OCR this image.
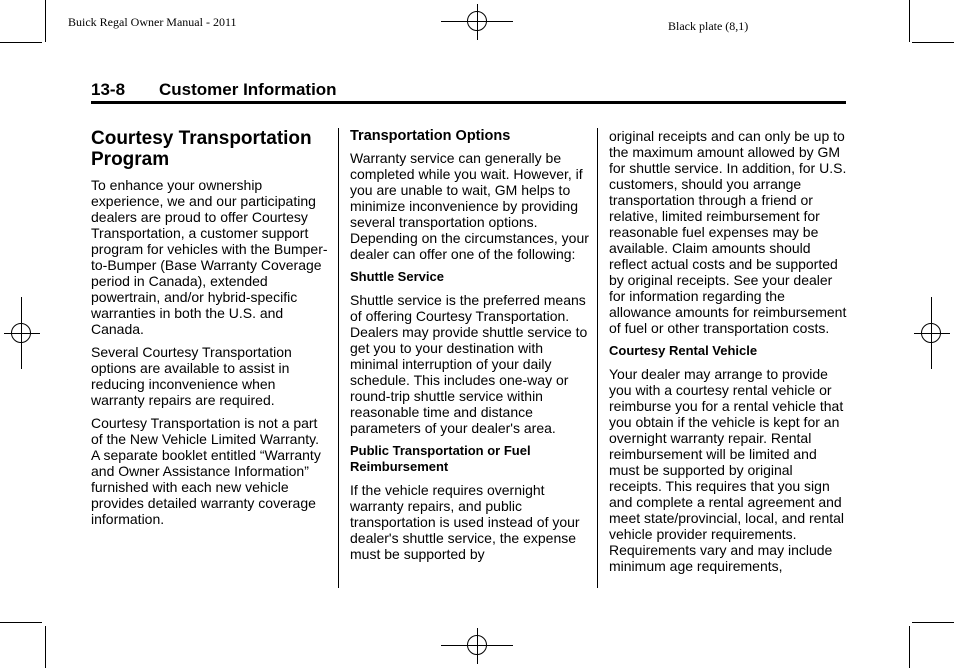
Buick Regal Owner Manual - 2011	Black plate (8,1)
13-8 Customer Information
Courtesy Transportation Program

To enhance your ownership experience, we and our participating dealers are proud to offer Courtesy Transportation, a customer support program for vehicles with the Bumper-to-Bumper (Base Warranty Coverage period in Canada), extended powertrain, and/or hybrid-specific warranties in both the U.S. and Canada.

Several Courtesy Transportation options are available to assist in reducing inconvenience when warranty repairs are required.

Courtesy Transportation is not a part of the New Vehicle Limited Warranty. A separate booklet entitled “Warranty and Owner Assistance Information” furnished with each new vehicle provides detailed warranty coverage information.

Transportation Options

Warranty service can generally be completed while you wait. However, if you are unable to wait, GM helps to minimize inconvenience by providing several transportation options. Depending on the circumstances, your dealer can offer one of the following:

Shuttle Service

Shuttle service is the preferred means of offering Courtesy Transportation. Dealers may provide shuttle service to get you to your destination with minimal interruption of your daily schedule. This includes one-way or round-trip shuttle service within reasonable time and distance parameters of your dealer's area.

Public Transportation or Fuel Reimbursement

If the vehicle requires overnight warranty repairs, and public transportation is used instead of your dealer's shuttle service, the expense must be supported by

original receipts and can only be up to the maximum amount allowed by GM for shuttle service. In addition, for U.S. customers, should you arrange transportation through a friend or relative, limited reimbursement for reasonable fuel expenses may be available. Claim amounts should reflect actual costs and be supported by original receipts. See your dealer for information regarding the allowance amounts for reimbursement of fuel or other transportation costs.

Courtesy Rental Vehicle

Your dealer may arrange to provide you with a courtesy rental vehicle or reimburse you for a rental vehicle that you obtain if the vehicle is kept for an overnight warranty repair. Rental reimbursement will be limited and must be supported by original receipts. This requires that you sign and complete a rental agreement and meet state/provincial, local, and rental vehicle provider requirements. Requirements vary and may include minimum age requirements,
